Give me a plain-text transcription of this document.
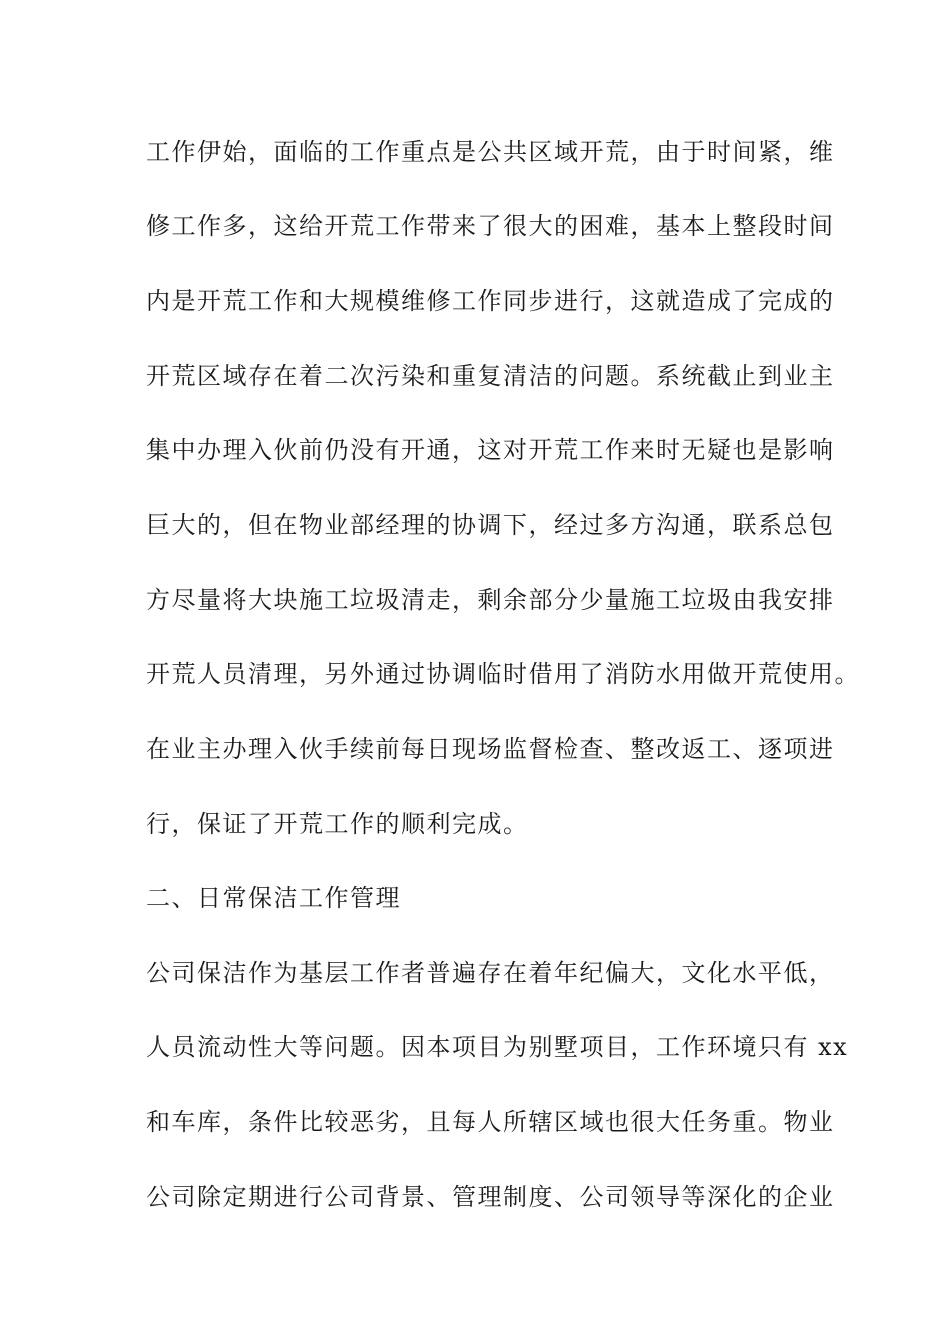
工作伊始，面临的工作重点是公共区域开荒，由于时间紧，维
修工作多，这给开荒工作带来了很大的困难，基本上整段时间
内是开荒工作和大规模维修工作同步进行，这就造成了完成的
开荒区域存在着二次污染和重复清洁的问题。系统截止到业主
集中办理入伙前仍没有开通，这对开荒工作来时无疑也是影响
巨大的，但在物业部经理的协调下，经过多方沟通，联系总包
方尽量将大块施工垃圾清走，剩余部分少量施工垃圾由我安排
开荒人员清理，另外通过协调临时借用了消防水用做开荒使用。
在业主办理入伙手续前每日现场监督检查、整改返工、逐项进
行，保证了开荒工作的顺利完成。
二、日常保洁工作管理
公司保洁作为基层工作者普遍存在着年纪偏大，文化水平低，
人员流动性大等问题。因本项目为别墅项目，工作环境只有 xx
和车库，条件比较恶劣，且每人所辖区域也很大任务重。物业
公司除定期进行公司背景、管理制度、公司领导等深化的企业
